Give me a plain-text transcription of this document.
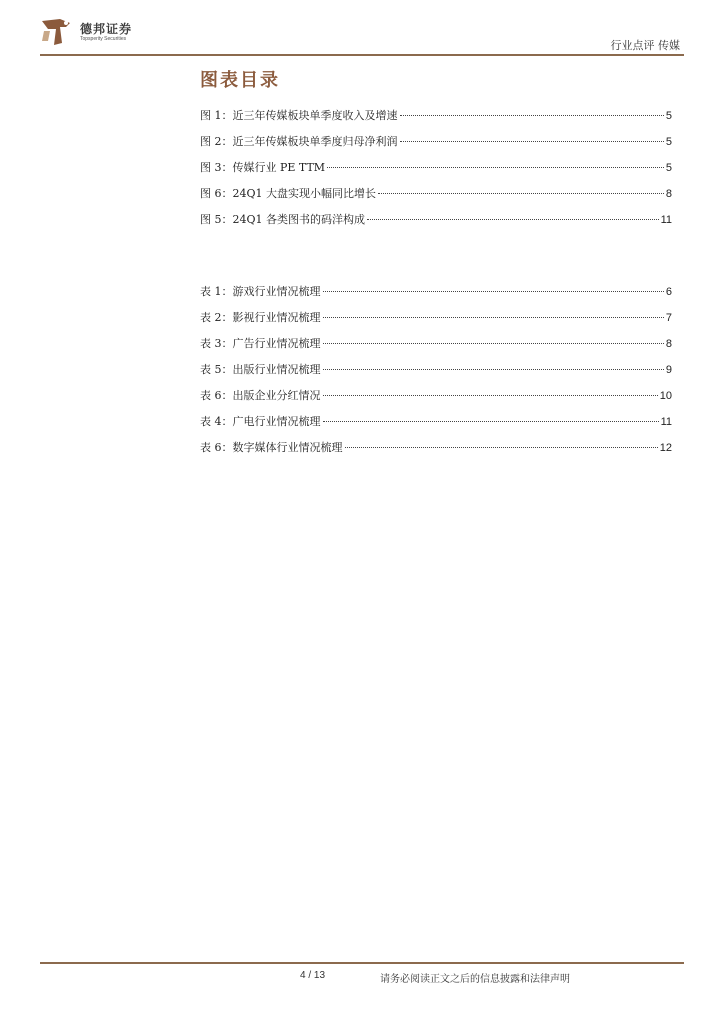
德邦证券
Topsperity Securities
行业点评 传媒
图表目录
图 1：近三年传媒板块单季度收入及增速	5
图 2：近三年传媒板块单季度归母净利润	5
图 3：传媒行业 PE TTM	5
图 6：24Q1 大盘实现小幅同比增长	8
图 5：24Q1 各类图书的码洋构成	11
表 1：游戏行业情况梳理	6
表 2：影视行业情况梳理	7
表 3：广告行业情况梳理	8
表 5：出版行业情况梳理	9
表 6：出版企业分红情况	10
表 4：广电行业情况梳理	11
表 6：数字媒体行业情况梳理	12
4 / 13	请务必阅读正文之后的信息披露和法律声明
